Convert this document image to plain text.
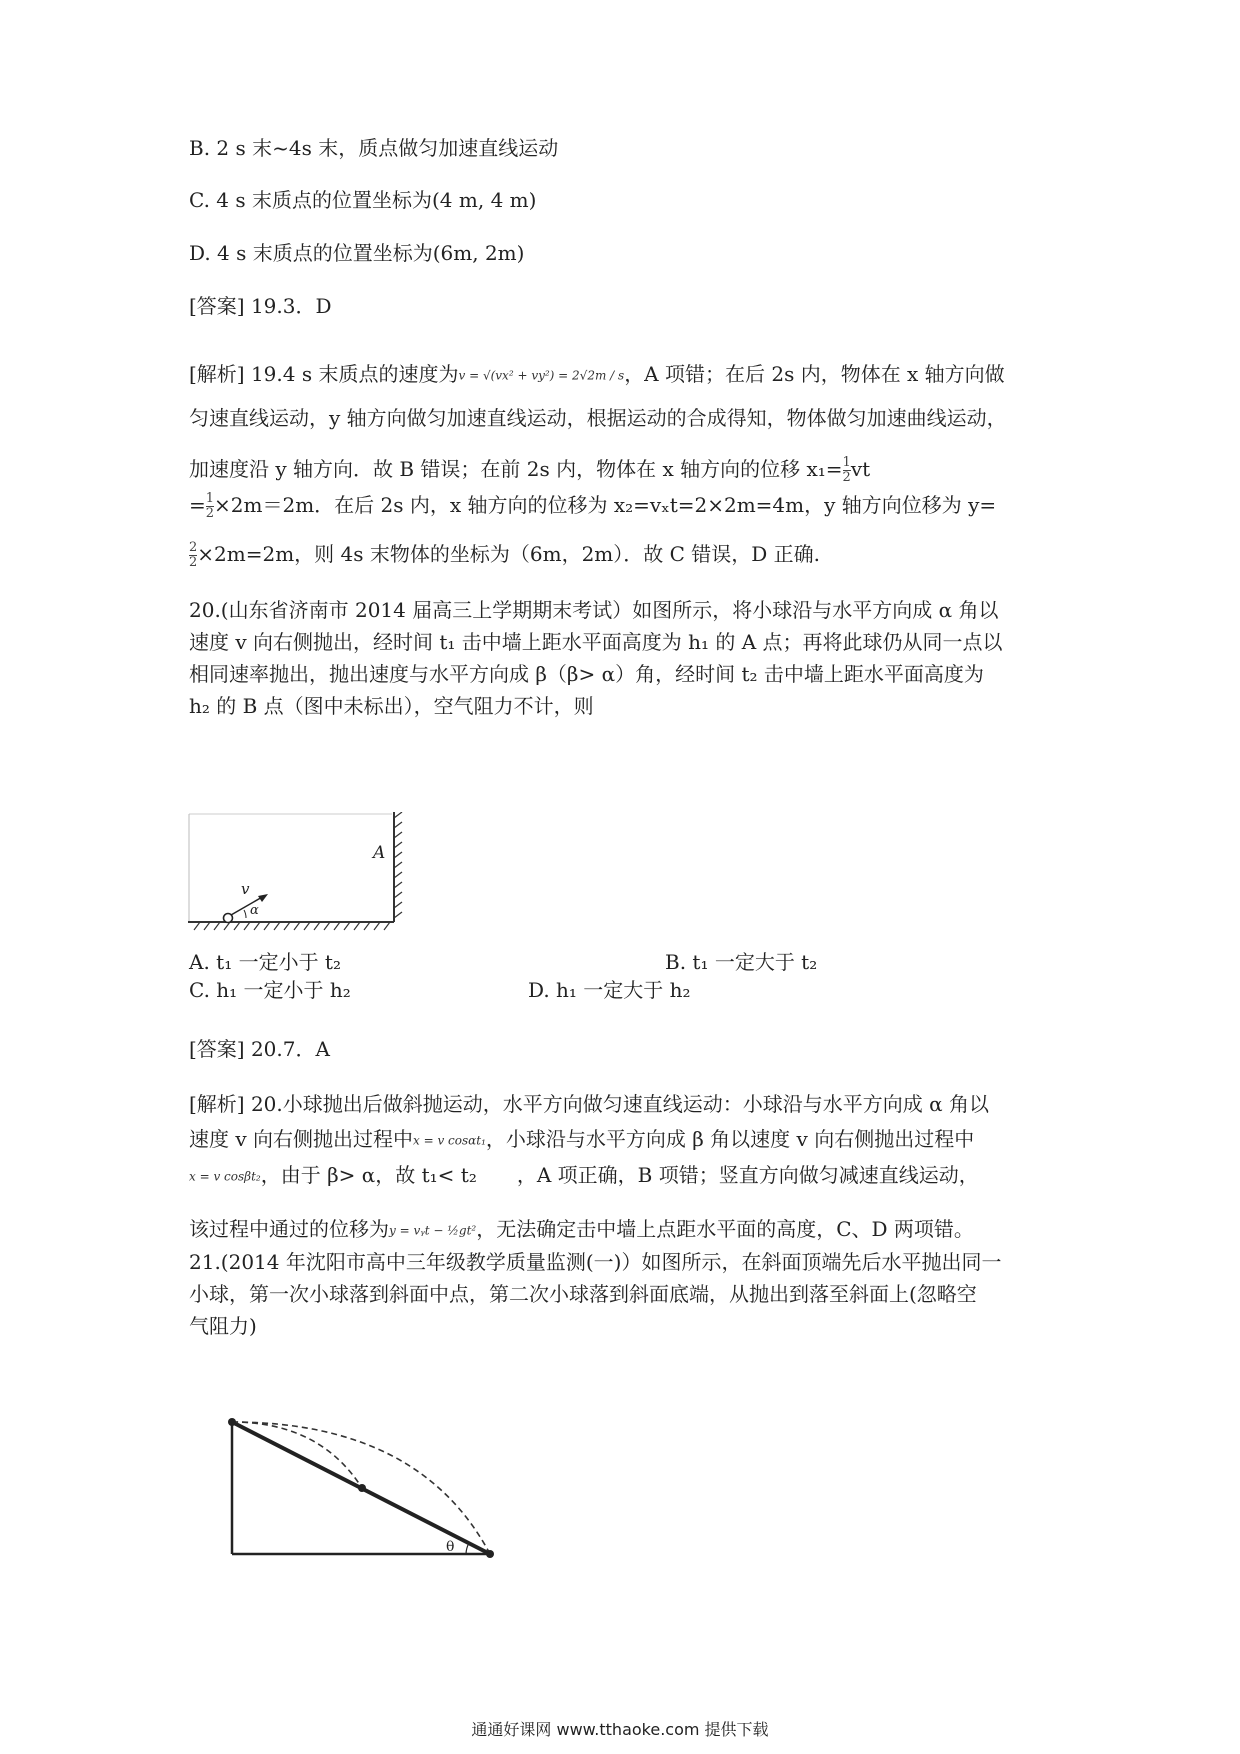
B. 2 s 末~4s 末，质点做匀加速直线运动
C. 4 s 末质点的位置坐标为(4 m, 4 m)
D. 4 s 末质点的位置坐标为(6m, 2m)
[答案] 19.3．D
[解析] 19.4 s 末质点的速度为v = √(vx² + vy²) = 2√2m / s，A 项错；在后 2s 内，物体在 x 轴方向做
匀速直线运动，y 轴方向做匀加速直线运动，根据运动的合成得知，物体做匀加速曲线运动，
加速度沿 y 轴方向．故 B 错误；在前 2s 内，物体在 x 轴方向的位移 $x_1= \frac{1}{2}$ vt
= $\frac{1}{2} \times 2m=2m$．在后 2s 内，x 轴方向的位移为 x₂=vₓt=2×2m=4m，y 轴方向位移为 y=
$\frac{2}{2} \times 2m=2m$，则 4s 末物体的坐标为（6m，2m）．故 C 错误，D 正确.
20.(山东省济南市 2014 届高三上学期期末考试）如图所示，将小球沿与水平方向成 α 角以
速度 v 向右侧抛出，经时间 t₁ 击中墙上距水平面高度为 h₁ 的 A 点；再将此球仍从同一点以
相同速率抛出，抛出速度与水平方向成 β（β> α）角，经时间 t₂ 击中墙上距水平面高度为
h₂ 的 B 点（图中未标出），空气阻力不计，则
v
α
A
A. t₁ 一定小于 t₂	B. t₁ 一定大于 t₂
C. h₁ 一定小于 h₂	D. h₁ 一定大于 h₂
[答案] 20.7．A
[解析] 20.小球抛出后做斜抛运动，水平方向做匀速直线运动：小球沿与水平方向成 α 角以
速度 v 向右侧抛出过程中x = v cosαt₁，小球沿与水平方向成 β 角以速度 v 向右侧抛出过程中
x = v cosβt₂，由于 β> α，故 t₁< t₂　　，A 项正确，B 项错；竖直方向做匀减速直线运动，
该过程中通过的位移为y = vᵧt − ½gt²，无法确定击中墙上点距水平面的高度，C、D 两项错。
21.(2014 年沈阳市高中三年级教学质量监测(一)）如图所示，在斜面顶端先后水平抛出同一
小球，第一次小球落到斜面中点，第二次小球落到斜面底端，从抛出到落至斜面上(忽略空
气阻力)
θ
通通好课网 www.tthaoke.com 提供下载
